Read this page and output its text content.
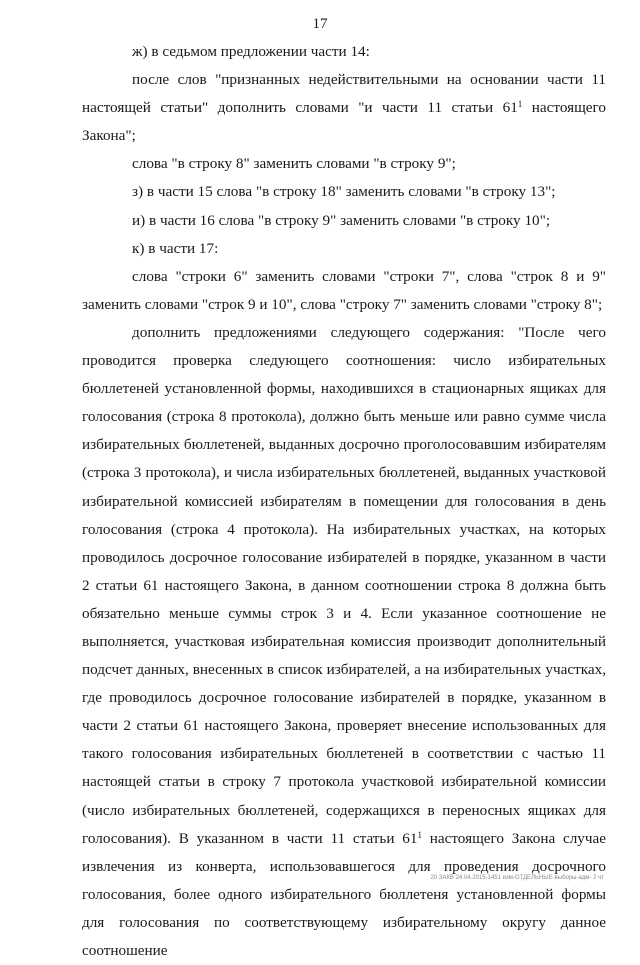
17

ж) в седьмом предложении части 14:

после слов "признанных недействительными на основании части 11 настоящей статьи" дополнить словами "и части 11 статьи $61^1$ настоящего Закона";

слова "в строку 8" заменить словами "в строку 9";

з) в части 15 слова "в строку 18" заменить словами "в строку 13";

и) в части 16 слова "в строку 9" заменить словами "в строку 10";

к) в части 17:

слова "строки 6" заменить словами "строки 7", слова "строк 8 и 9" заменить словами "строк 9 и 10", слова "строку 7" заменить словами "строку 8";

дополнить предложениями следующего содержания: "После чего проводится проверка следующего соотношения: число избирательных бюллетеней установленной формы, находившихся в стационарных ящиках для голосования (строка 8 протокола), должно быть меньше или равно сумме числа избирательных бюллетеней, выданных досрочно проголосовавшим избирателям (строка 3 протокола), и числа избирательных бюллетеней, выданных участковой избирательной комиссией избирателям в помещении для голосования в день голосования (строка 4 протокола). На избирательных участках, на которых проводилось досрочное голосование избирателей в порядке, указанном в части 2 статьи 61 настоящего Закона, в данном соотношении строка 8 должна быть обязательно меньше суммы строк 3 и 4. Если указанное соотношение не выполняется, участковая избирательная комиссия производит дополнительный подсчет данных, внесенных в список избирателей, а на избирательных участках, где проводилось досрочное голосование избирателей в порядке, указанном в части 2 статьи 61 настоящего Закона, проверяет внесение использованных для такого голосования избирательных бюллетеней в соответствии с частью 11 настоящей статьи в строку 7 протокола участковой избирательной комиссии (число избирательных бюллетеней, содержащихся в переносных ящиках для голосования). В указанном в части 11 статьи $61^1$ настоящего Закона случае извлечения из конверта, использовавшегося для проведения досрочного голосования, более одного избирательного бюллетеня установленной формы для голосования по соответствующему избирательному округу данное соотношение

20 ЗАКВ 24.04.2015-1451 изм-ОТДЕЛЬНЫЕ-выборы-адм- 2 чт
